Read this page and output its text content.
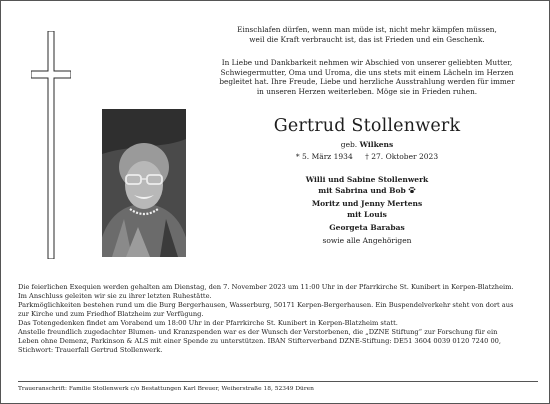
Einschlafen dürfen, wenn man müde ist, nicht mehr kämpfen müssen,
weil die Kraft verbraucht ist, das ist Frieden und ein Geschenk.
In Liebe und Dankbarkeit nehmen wir Abschied von unserer geliebten Mutter,
Schwiegermutter, Oma und Uroma, die uns stets mit einem Lächeln im Herzen
begleitet hat. Ihre Freude, Liebe und herzliche Ausstrahlung werden für immer
in unseren Herzen weiterleben. Möge sie in Frieden ruhen.
Gertrud Stollenwerk
geb. Wilkens
* 5. März 1934 † 27. Oktober 2023
Willi und Sabine Stollenwerk
mit Sabrina und Bob
Moritz und Jenny Mertens
mit Louis
Georgeta Barabas
sowie alle Angehörigen
Die feierlichen Exequien werden gehalten am Dienstag, den 7. November 2023 um 11:00 Uhr in der Pfarrkirche St. Kunibert in Kerpen-Blatzheim.
Im Anschluss geleiten wir sie zu ihrer letzten Ruhestätte.
Parkmöglichkeiten bestehen rund um die Burg Bergerhausen, Wasserburg, 50171 Kerpen-Bergerhausen. Ein Buspendelverkehr steht von dort aus
zur Kirche und zum Friedhof Blatzheim zur Verfügung.
Das Totengedenken findet am Vorabend um 18:00 Uhr in der Pfarrkirche St. Kunibert in Kerpen-Blatzheim statt.
Anstelle freundlich zugedachter Blumen- und Kranzspenden war es der Wunsch der Verstorbenen, die „DZNE Stiftung“ zur Forschung für ein
Leben ohne Demenz, Parkinson & ALS mit einer Spende zu unterstützen. IBAN Stifterverband DZNE-Stiftung: DE51 3604 0039 0120 7240 00,
Stichwort: Trauerfall Gertrud Stollenwerk.
Traueranschrift: Familie Stollenwerk c/o Bestattungen Karl Breuer, Weiherstraße 18, 52349 Düren
